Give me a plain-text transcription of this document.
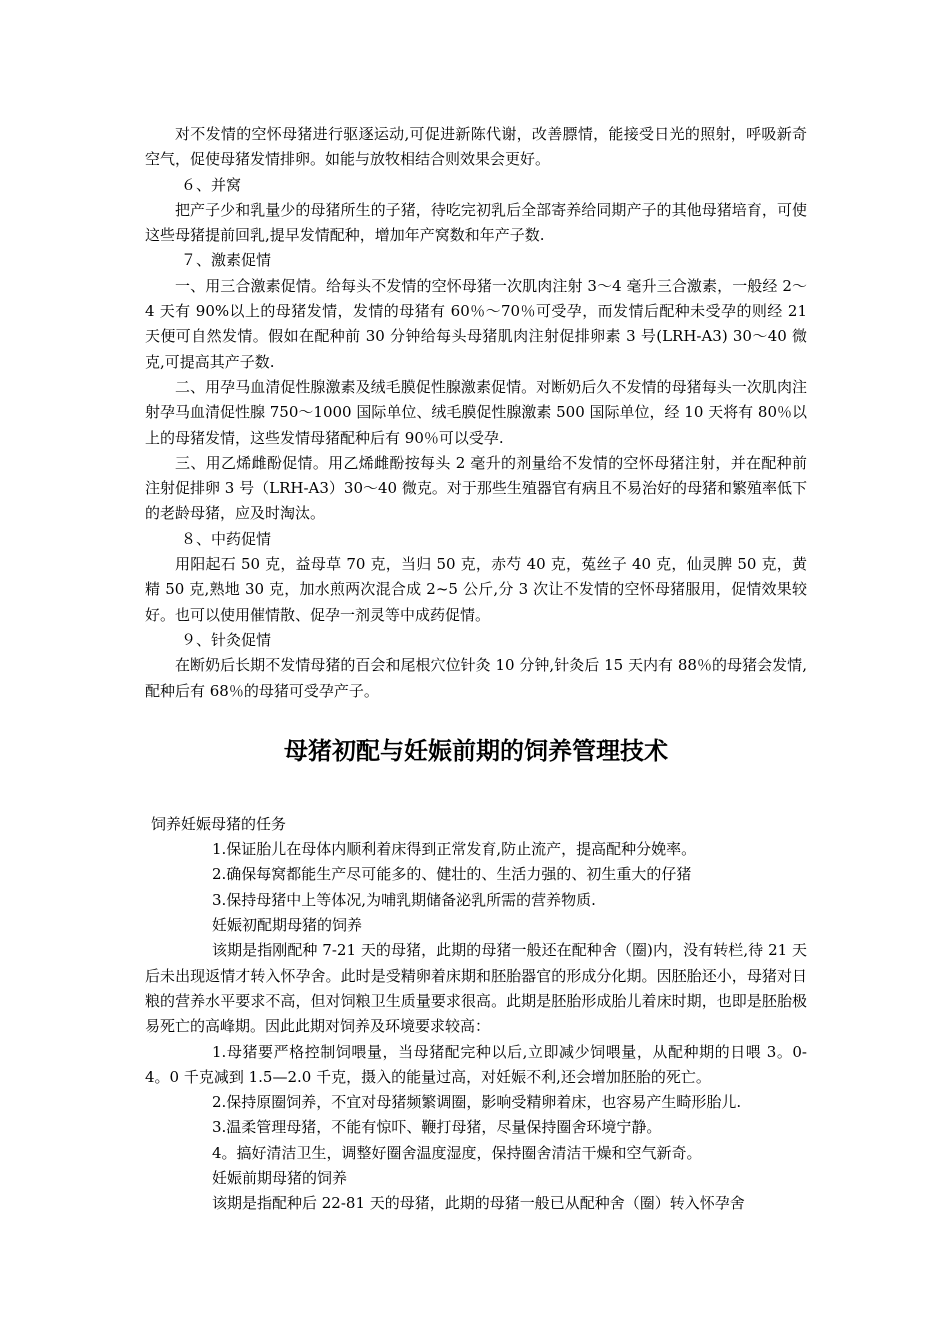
对不发情的空怀母猪进行驱逐运动,可促进新陈代谢，改善膘情，能接受日光的照射，呼吸新奇空气，促使母猪发情排卵。如能与放牧相结合则效果会更好。

６、并窝

把产子少和乳量少的母猪所生的子猪，待吃完初乳后全部寄养给同期产子的其他母猪培育，可使这些母猪提前回乳,提早发情配种，增加年产窝数和年产子数.

７、激素促情

一、用三合激素促情。给每头不发情的空怀母猪一次肌肉注射 3～4 毫升三合激素，一般经 2～4 天有 90%以上的母猪发情，发情的母猪有 60％～70％可受孕，而发情后配种未受孕的则经 21 天便可自然发情。假如在配种前 30 分钟给每头母猪肌肉注射促排卵素 3 号(LRH-A3) 30～40 微克,可提高其产子数.

二、用孕马血清促性腺激素及绒毛膜促性腺激素促情。对断奶后久不发情的母猪每头一次肌肉注射孕马血清促性腺 750～1000 国际单位、绒毛膜促性腺激素 500 国际单位，经 10 天将有 80％以上的母猪发情，这些发情母猪配种后有 90％可以受孕.

三、用乙烯雌酚促情。用乙烯雌酚按每头 2 毫升的剂量给不发情的空怀母猪注射，并在配种前注射促排卵 3 号（LRH-A3）30～40 微克。对于那些生殖器官有病且不易治好的母猪和繁殖率低下的老龄母猪，应及时淘汰。

８、中药促情

用阳起石 50 克，益母草 70 克，当归 50 克，赤芍 40 克，菟丝子 40 克，仙灵脾 50 克，黄精 50 克,熟地 30 克，加水煎两次混合成 2~5 公斤,分 3 次让不发情的空怀母猪服用，促情效果较好。也可以使用催情散、促孕一剂灵等中成药促情。

９、针灸促情

在断奶后长期不发情母猪的百会和尾根穴位针灸 10 分钟,针灸后 15 天内有 88％的母猪会发情,配种后有 68％的母猪可受孕产子。

母猪初配与妊娠前期的饲养管理技术

饲养妊娠母猪的任务

1.保证胎儿在母体内顺利着床得到正常发育,防止流产，提高配种分娩率。

2.确保每窝都能生产尽可能多的、健壮的、生活力强的、初生重大的仔猪

3.保持母猪中上等体况,为哺乳期储备泌乳所需的营养物质.

妊娠初配期母猪的饲养

该期是指刚配种 7-21 天的母猪，此期的母猪一般还在配种舍（圈)内，没有转栏,待 21 天后未出现返情才转入怀孕舍。此时是受精卵着床期和胚胎器官的形成分化期。因胚胎还小，母猪对日粮的营养水平要求不高，但对饲粮卫生质量要求很高。此期是胚胎形成胎儿着床时期，也即是胚胎极易死亡的高峰期。因此此期对饲养及环境要求较高：

1.母猪要严格控制饲喂量，当母猪配完种以后,立即减少饲喂量，从配种期的日喂 3。0-4。0 千克减到 1.5—2.0 千克，摄入的能量过高，对妊娠不利,还会增加胚胎的死亡。

2.保持原圈饲养，不宜对母猪频繁调圈，影响受精卵着床，也容易产生畸形胎儿.

3.温柔管理母猪，不能有惊吓、鞭打母猪，尽量保持圈舍环境宁静。

4。搞好清洁卫生，调整好圈舍温度湿度，保持圈舍清洁干燥和空气新奇。

妊娠前期母猪的饲养

该期是指配种后 22-81 天的母猪，此期的母猪一般已从配种舍（圈）转入怀孕舍
